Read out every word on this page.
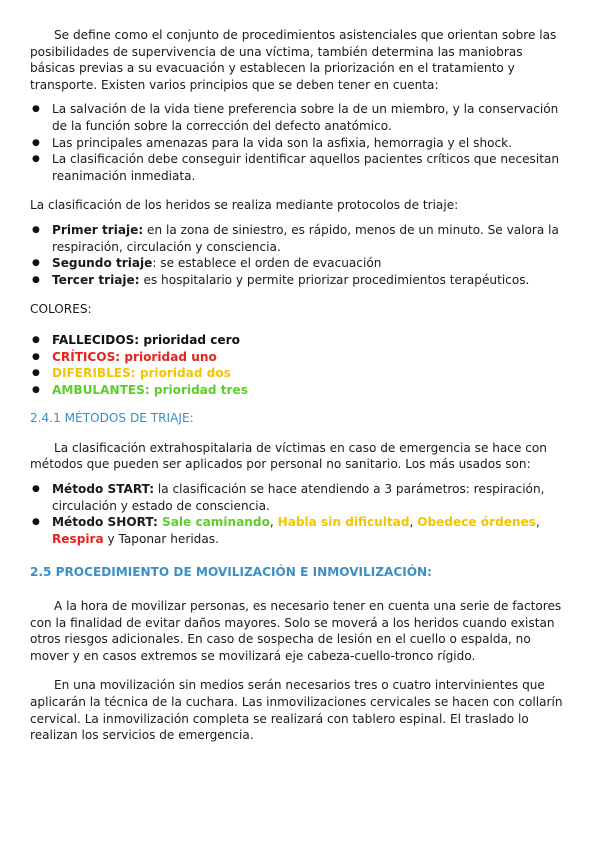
Se define como el conjunto de procedimientos asistenciales que orientan sobre las posibilidades de supervivencia de una víctima, también determina las maniobras básicas previas a su evacuación y establecen la priorización en el tratamiento y transporte. Existen varios principios que se deben tener en cuenta:

● La salvación de la vida tiene preferencia sobre la de un miembro, y la conservación de la función sobre la corrección del defecto anatómico.
● Las principales amenazas para la vida son la asfixia, hemorragia y el shock.
● La clasificación debe conseguir identificar aquellos pacientes críticos que necesitan reanimación inmediata.

La clasificación de los heridos se realiza mediante protocolos de triaje:

● Primer triaje: en la zona de siniestro, es rápido, menos de un minuto. Se valora la respiración, circulación y consciencia.
● Segundo triaje: se establece el orden de evacuación
● Tercer triaje: es hospitalario y permite priorizar procedimientos terapéuticos.

COLORES:

● FALLECIDOS: prioridad cero
● CRÍTICOS: prioridad uno
● DIFERIBLES: prioridad dos
● AMBULANTES: prioridad tres

2.4.1 MÉTODOS DE TRIAJE:

La clasificación extrahospitalaria de víctimas en caso de emergencia se hace con métodos que pueden ser aplicados por personal no sanitario. Los más usados son:

● Método START: la clasificación se hace atendiendo a 3 parámetros: respiración, circulación y estado de consciencia.
● Método SHORT: Sale caminando, Habla sin dificultad, Obedece órdenes, Respira y Taponar heridas.

2.5 PROCEDIMIENTO DE MOVILIZACIÓN E INMOVILIZACIÓN:

A la hora de movilizar personas, es necesario tener en cuenta una serie de factores con la finalidad de evitar daños mayores. Solo se moverá a los heridos cuando existan otros riesgos adicionales. En caso de sospecha de lesión en el cuello o espalda, no mover y en casos extremos se movilizará eje cabeza-cuello-tronco rígido.

En una movilización sin medios serán necesarios tres o cuatro intervinientes que aplicarán la técnica de la cuchara. Las inmovilizaciones cervicales se hacen con collarín cervical. La inmovilización completa se realizará con tablero espinal. El traslado lo realizan los servicios de emergencia.
